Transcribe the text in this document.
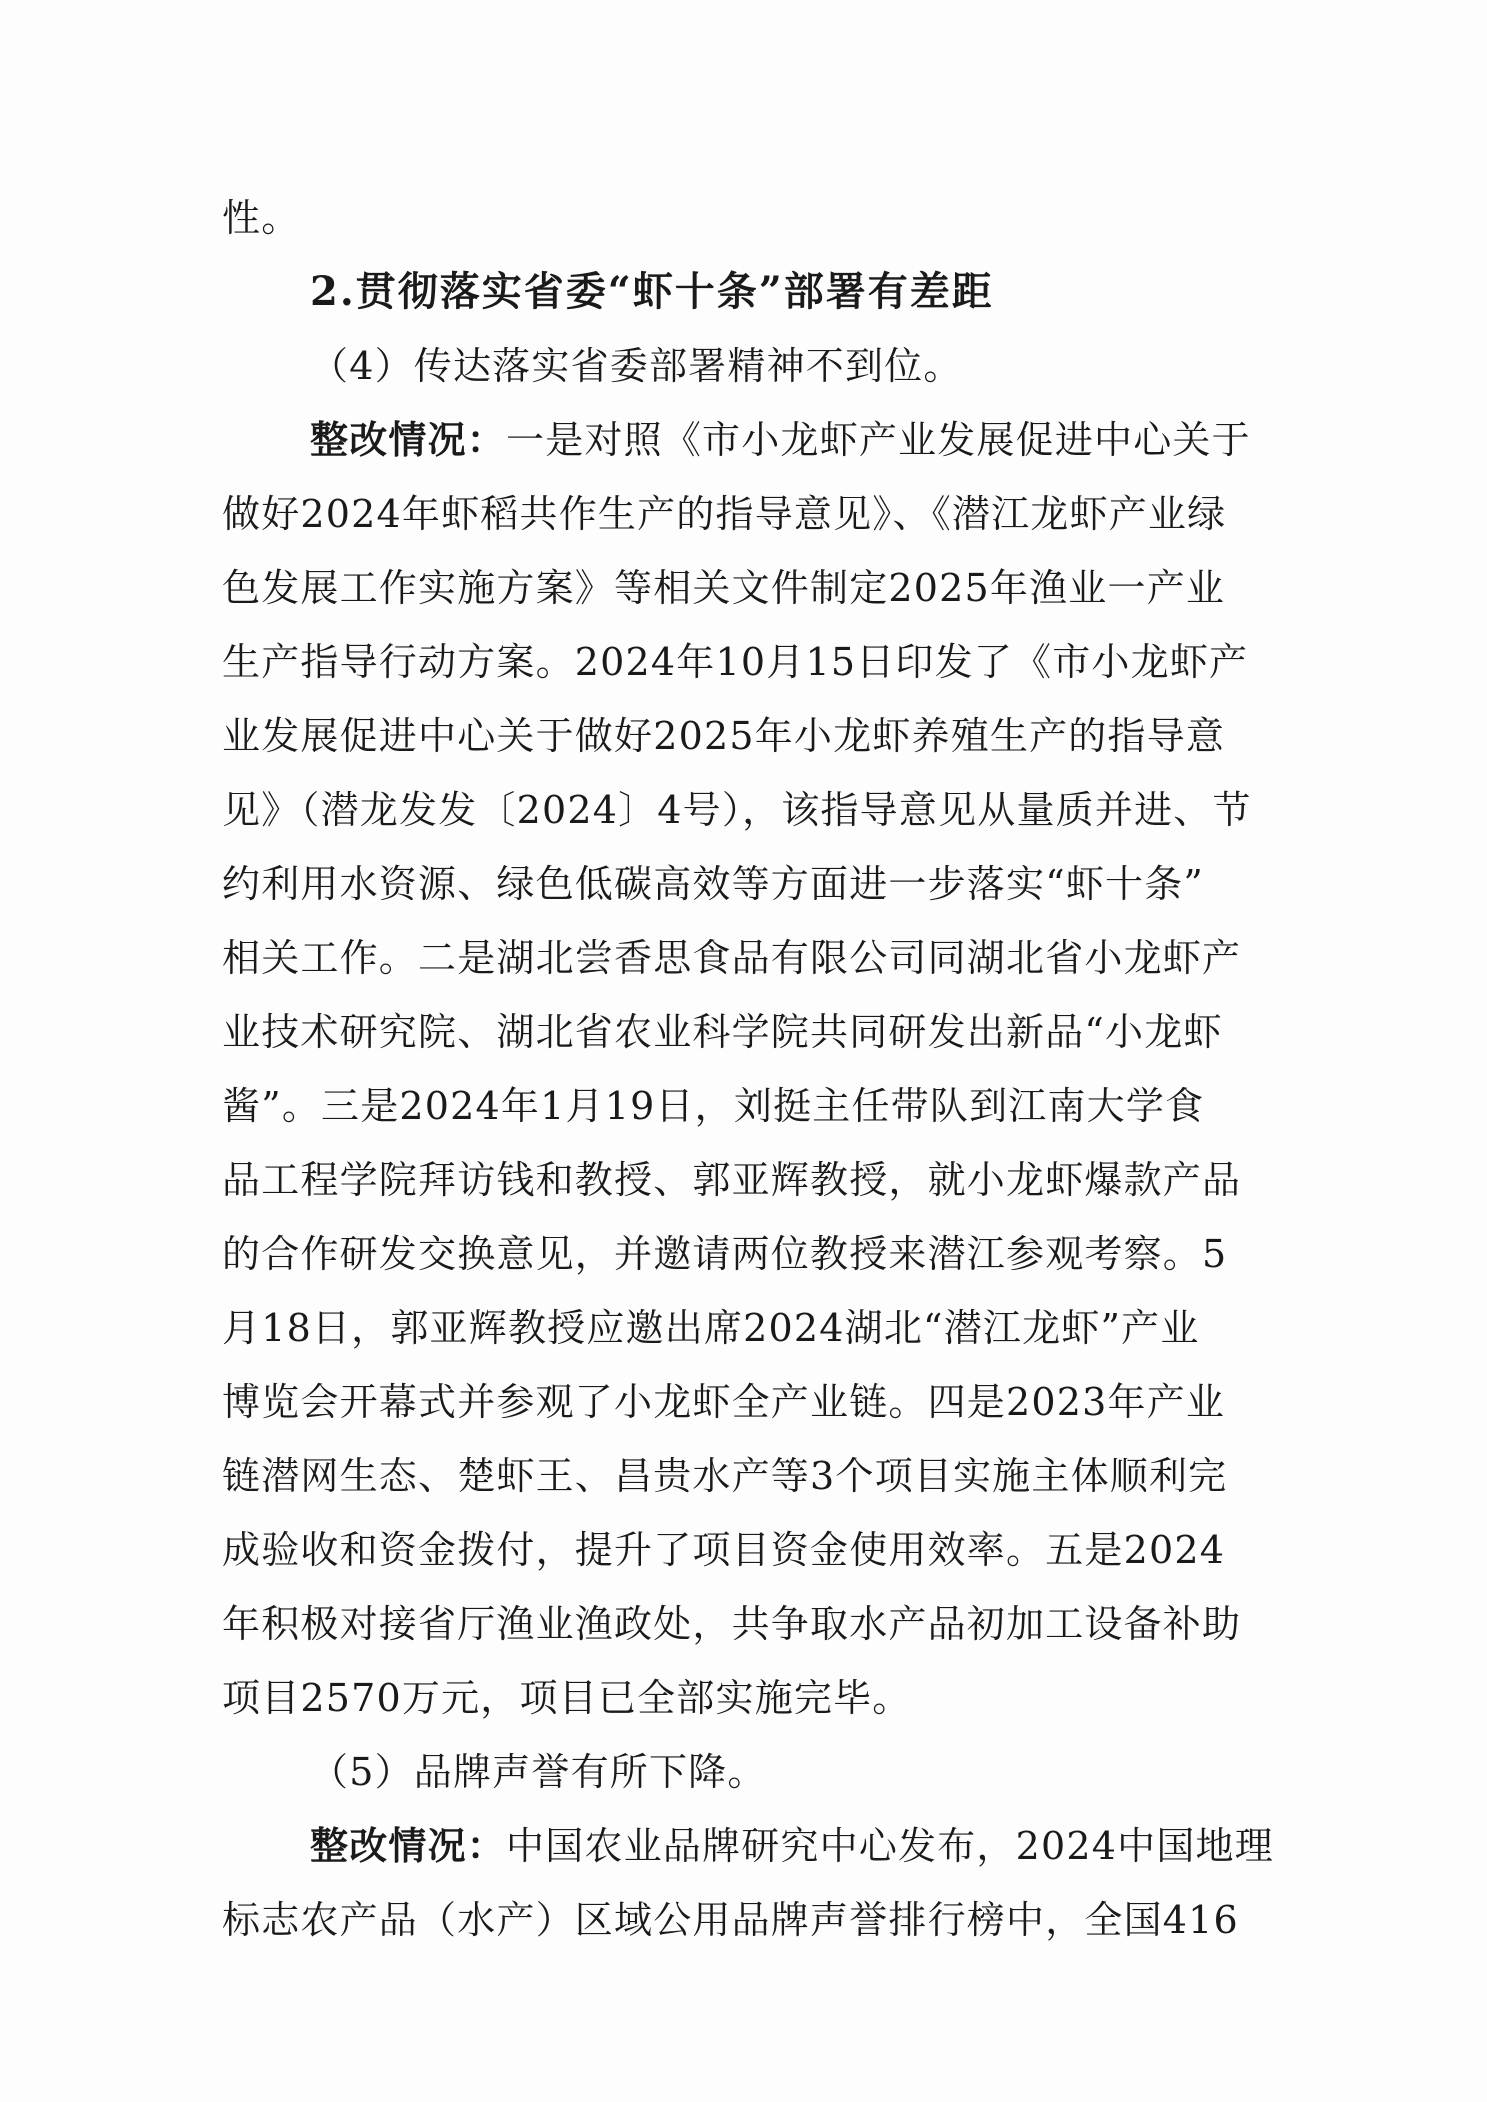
性。
2.贯彻落实省委“虾十条”部署有差距
（4）传达落实省委部署精神不到位。
整改情况：一是对照《市小龙虾产业发展促进中心关于
做好2024年虾稻共作生产的指导意见》、《潜江龙虾产业绿
色发展工作实施方案》等相关文件制定2025年渔业一产业
生产指导行动方案。2024年10月15日印发了《市小龙虾产
业发展促进中心关于做好2025年小龙虾养殖生产的指导意
见》（潜龙发发〔2024〕4号），该指导意见从量质并进、节
约利用水资源、绿色低碳高效等方面进一步落实“虾十条”
相关工作。二是湖北尝香思食品有限公司同湖北省小龙虾产
业技术研究院、湖北省农业科学院共同研发出新品“小龙虾
酱”。三是2024年1月19日，刘挺主任带队到江南大学食
品工程学院拜访钱和教授、郭亚辉教授，就小龙虾爆款产品
的合作研发交换意见，并邀请两位教授来潜江参观考察。5
月18日，郭亚辉教授应邀出席2024湖北“潜江龙虾”产业
博览会开幕式并参观了小龙虾全产业链。四是2023年产业
链潜网生态、楚虾王、昌贵水产等3个项目实施主体顺利完
成验收和资金拨付，提升了项目资金使用效率。五是2024
年积极对接省厅渔业渔政处，共争取水产品初加工设备补助
项目2570万元，项目已全部实施完毕。
（5）品牌声誉有所下降。
整改情况：中国农业品牌研究中心发布，2024中国地理
标志农产品（水产）区域公用品牌声誉排行榜中，全国416
